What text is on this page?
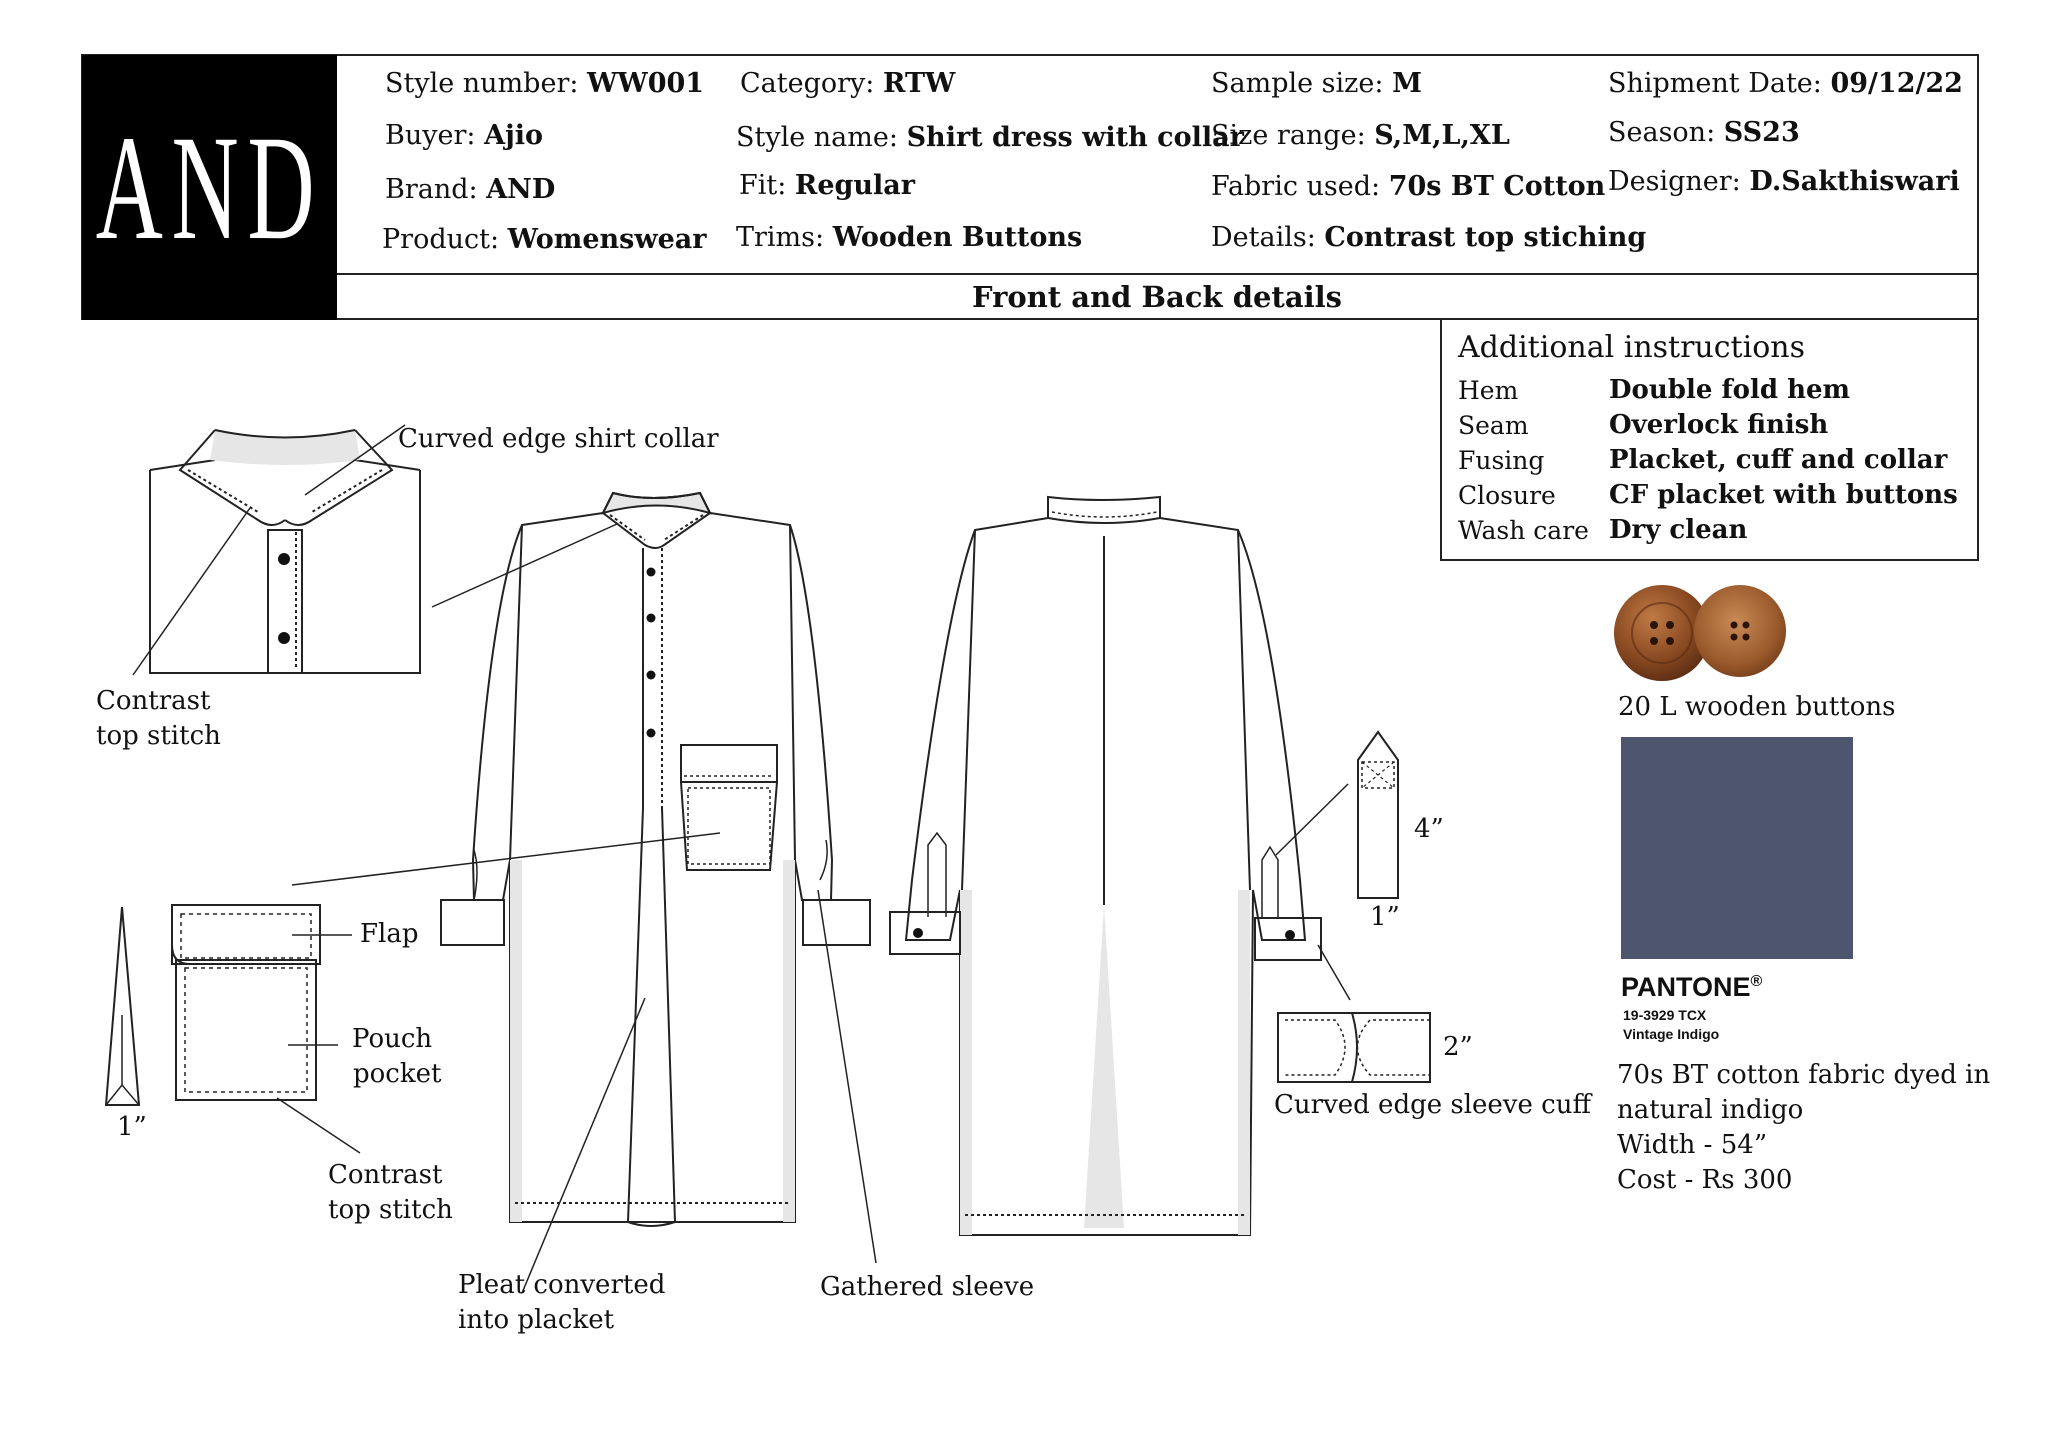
AND
Style number: WW001
Buyer: Ajio
Brand: AND
Product: Womenswear
Category: RTW
Style name: Shirt dress with collar
Fit: Regular
Trims: Wooden Buttons
Sample size: M
Size range: S,M,L,XL
Fabric used: 70s BT Cotton
Details: Contrast top stiching
Shipment Date: 09/12/22
Season: SS23
Designer: D.Sakthiswari
Front and Back details
Additional instructions
Hem	Double fold hem
Seam	Overlock finish
Fusing Placket, cuff and collar
Closure CF placket with buttons
Wash care Dry clean
Curved edge shirt collar
Contrast
top stitch
Flap
Pouch
pocket
Contrast
top stitch
1”
Pleat converted
into placket
Gathered sleeve
4”
1”
2”
Curved edge sleeve cuff
20 L wooden buttons
PANTONE®
19-3929 TCX
Vintage Indigo
70s BT cotton fabric dyed in
natural indigo
Width - 54”
Cost - Rs 300
